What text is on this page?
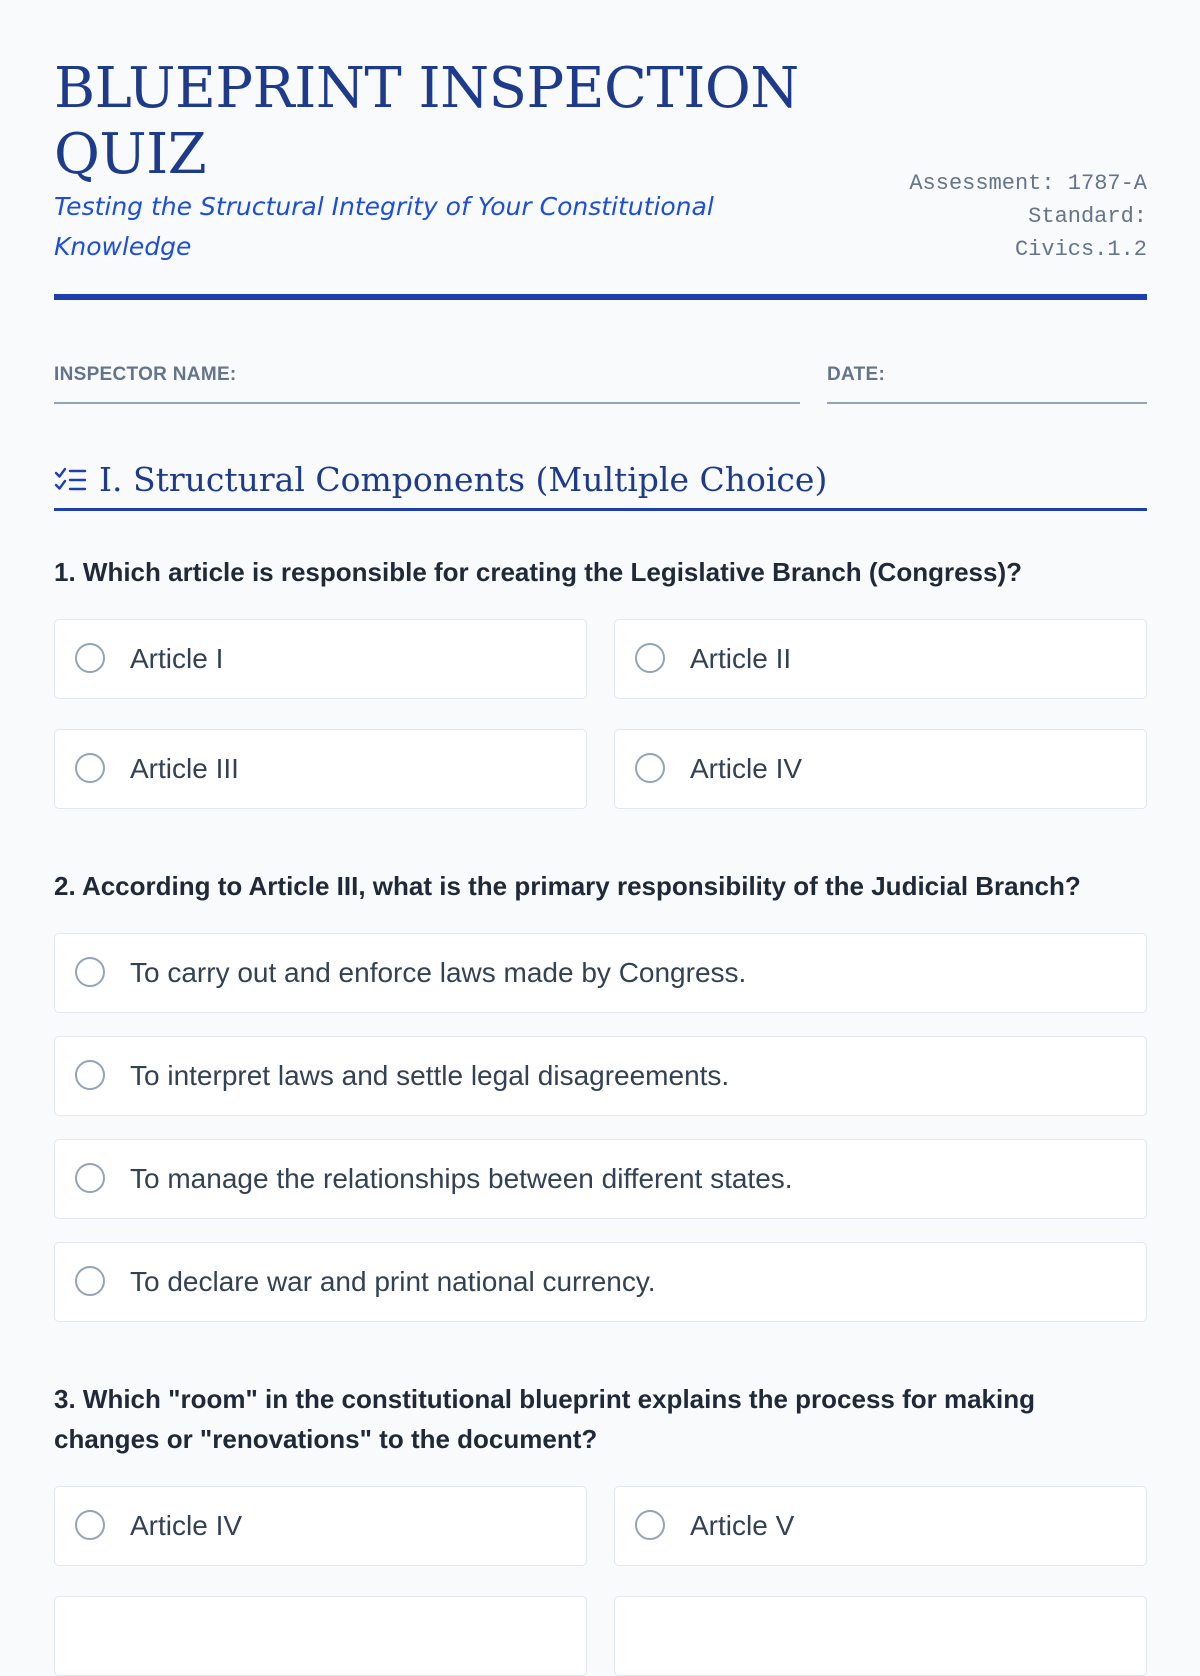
BLUEPRINT INSPECTION QUIZ

Testing the Structural Integrity of Your Constitutional Knowledge

Assessment: 1787-A
Standard:
Civics.1.2
INSPECTOR NAME:	DATE:
I. Structural Components (Multiple Choice)

1. Which article is responsible for creating the Legislative Branch (Congress)?

Article I	Article II
Article III	Article IV

2. According to Article III, what is the primary responsibility of the Judicial Branch?

To carry out and enforce laws made by Congress.
To interpret laws and settle legal disagreements.
To manage the relationships between different states.
To declare war and print national currency.

3. Which "room" in the constitutional blueprint explains the process for making changes or "renovations" to the document?

Article IV	Article V
